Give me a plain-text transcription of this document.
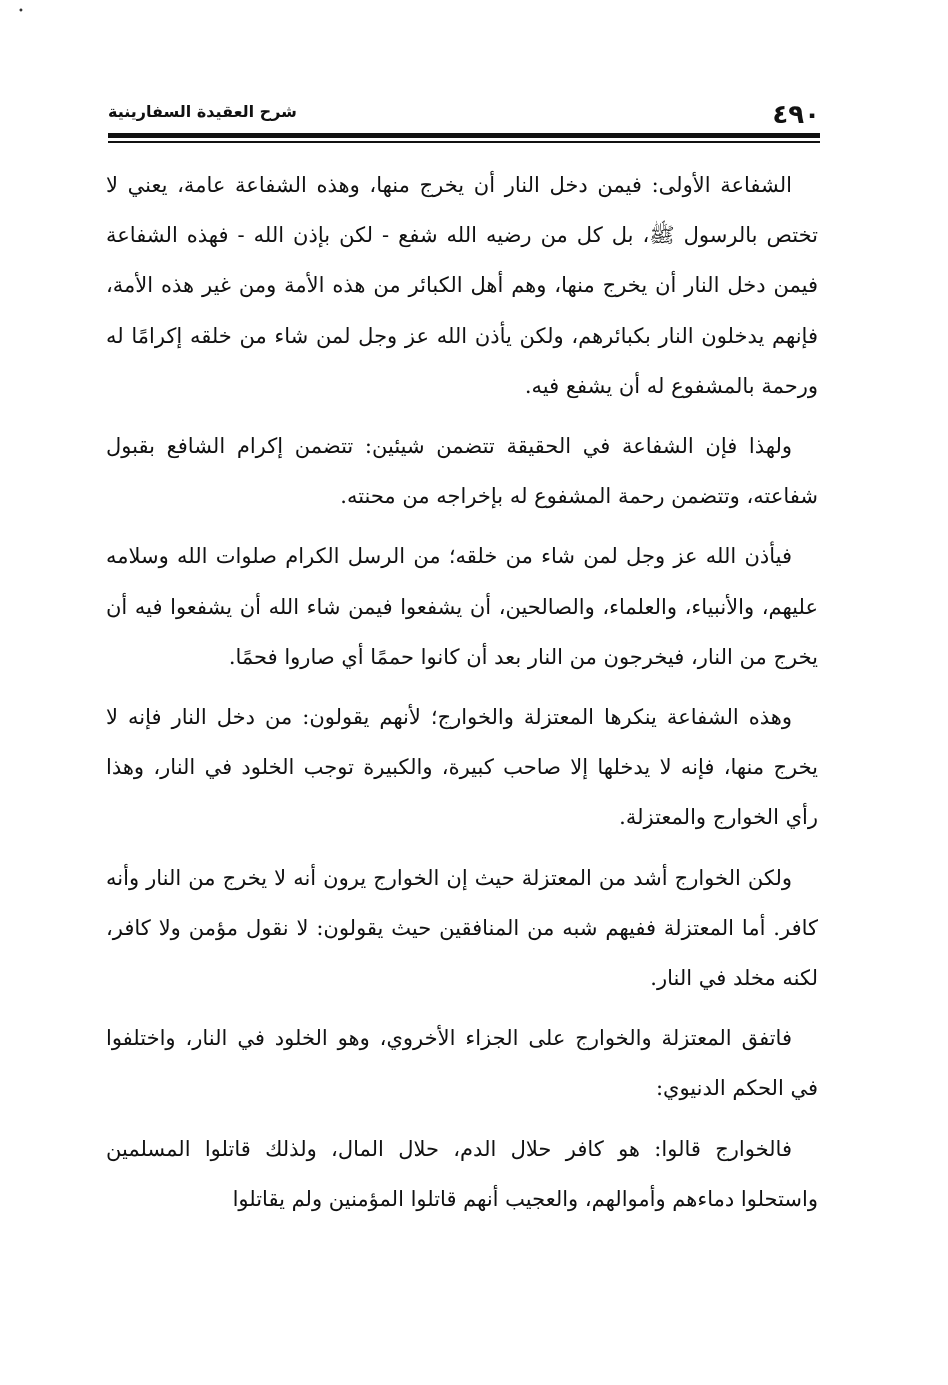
•
٤٩٠
شرح العقيدة السفارينية

الشفاعة الأولى: فيمن دخل النار أن يخرج منها، وهذه الشفاعة عامة، يعني لا تختص بالرسول ﷺ، بل كل من رضيه الله شفع - لكن بإذن الله - فهذه الشفاعة فيمن دخل النار أن يخرج منها، وهم أهل الكبائر من هذه الأمة ومن غير هذه الأمة، فإنهم يدخلون النار بكبائرهم، ولكن يأذن الله عز وجل لمن شاء من خلقه إكرامًا له ورحمة بالمشفوع له أن يشفع فيه.

ولهذا فإن الشفاعة في الحقيقة تتضمن شيئين: تتضمن إكرام الشافع بقبول شفاعته، وتتضمن رحمة المشفوع له بإخراجه من محنته.

فيأذن الله عز وجل لمن شاء من خلقه؛ من الرسل الكرام صلوات الله وسلامه عليهم، والأنبياء، والعلماء، والصالحين، أن يشفعوا فيمن شاء الله أن يشفعوا فيه أن يخرج من النار، فيخرجون من النار بعد أن كانوا حممًا أي صاروا فحمًا.

وهذه الشفاعة ينكرها المعتزلة والخوارج؛ لأنهم يقولون: من دخل النار فإنه لا يخرج منها، فإنه لا يدخلها إلا صاحب كبيرة، والكبيرة توجب الخلود في النار، وهذا رأي الخوارج والمعتزلة.

ولكن الخوارج أشد من المعتزلة حيث إن الخوارج يرون أنه لا يخرج من النار وأنه كافر. أما المعتزلة ففيهم شبه من المنافقين حيث يقولون: لا نقول مؤمن ولا كافر، لكنه مخلد في النار.

فاتفق المعتزلة والخوارج على الجزاء الأخروي، وهو الخلود في النار، واختلفوا في الحكم الدنيوي:

فالخوارج قالوا: هو كافر حلال الدم، حلال المال، ولذلك قاتلوا المسلمين واستحلوا دماءهم وأموالهم، والعجيب أنهم قاتلوا المؤمنين ولم يقاتلوا
